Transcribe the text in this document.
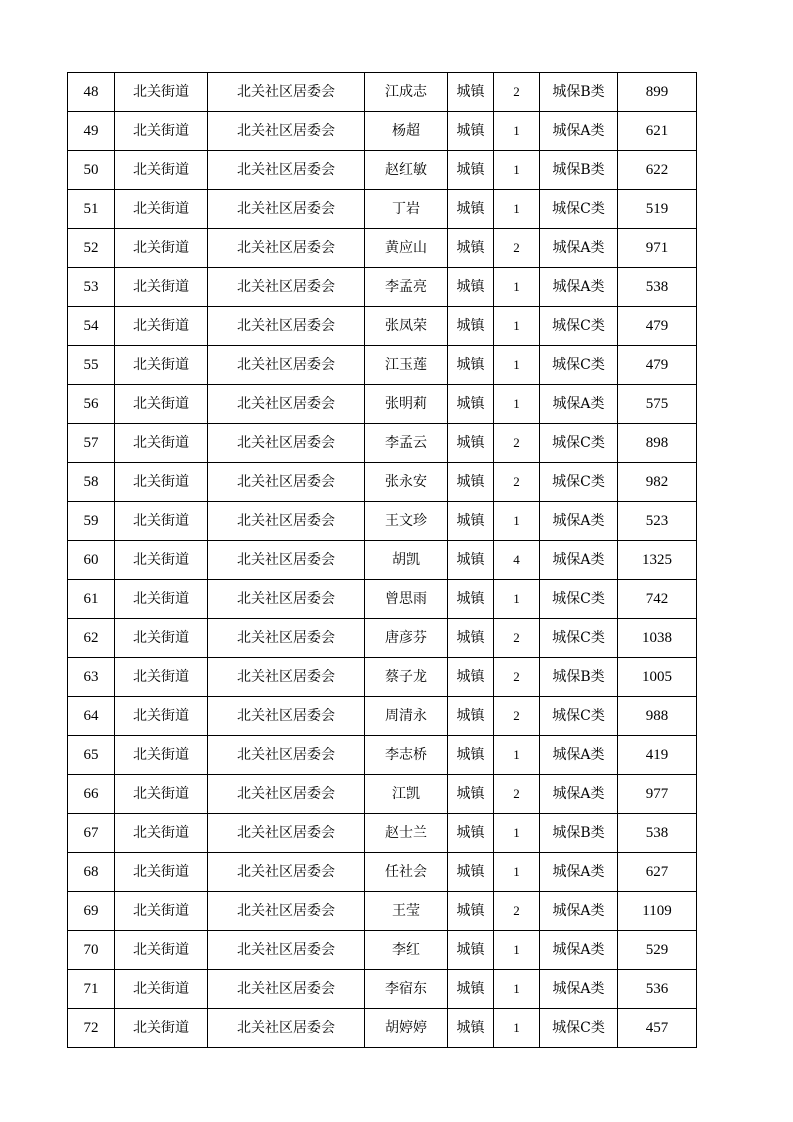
48	北关街道	北关社区居委会	江成志	城镇	2	城保B类	899
49	北关街道	北关社区居委会	杨超	城镇	1	城保A类	621
50	北关街道	北关社区居委会	赵红敏	城镇	1	城保B类	622
51	北关街道	北关社区居委会	丁岩	城镇	1	城保C类	519
52	北关街道	北关社区居委会	黄应山	城镇	2	城保A类	971
53	北关街道	北关社区居委会	李孟亮	城镇	1	城保A类	538
54	北关街道	北关社区居委会	张凤荣	城镇	1	城保C类	479
55	北关街道	北关社区居委会	江玉莲	城镇	1	城保C类	479
56	北关街道	北关社区居委会	张明莉	城镇	1	城保A类	575
57	北关街道	北关社区居委会	李孟云	城镇	2	城保C类	898
58	北关街道	北关社区居委会	张永安	城镇	2	城保C类	982
59	北关街道	北关社区居委会	王文珍	城镇	1	城保A类	523
60	北关街道	北关社区居委会	胡凯	城镇	4	城保A类	1325
61	北关街道	北关社区居委会	曾思雨	城镇	1	城保C类	742
62	北关街道	北关社区居委会	唐彦芬	城镇	2	城保C类	1038
63	北关街道	北关社区居委会	蔡子龙	城镇	2	城保B类	1005
64	北关街道	北关社区居委会	周清永	城镇	2	城保C类	988
65	北关街道	北关社区居委会	李志桥	城镇	1	城保A类	419
66	北关街道	北关社区居委会	江凯	城镇	2	城保A类	977
67	北关街道	北关社区居委会	赵士兰	城镇	1	城保B类	538
68	北关街道	北关社区居委会	任社会	城镇	1	城保A类	627
69	北关街道	北关社区居委会	王莹	城镇	2	城保A类	1109
70	北关街道	北关社区居委会	李红	城镇	1	城保A类	529
71	北关街道	北关社区居委会	李宿东	城镇	1	城保A类	536
72	北关街道	北关社区居委会	胡婷婷	城镇	1	城保C类	457
